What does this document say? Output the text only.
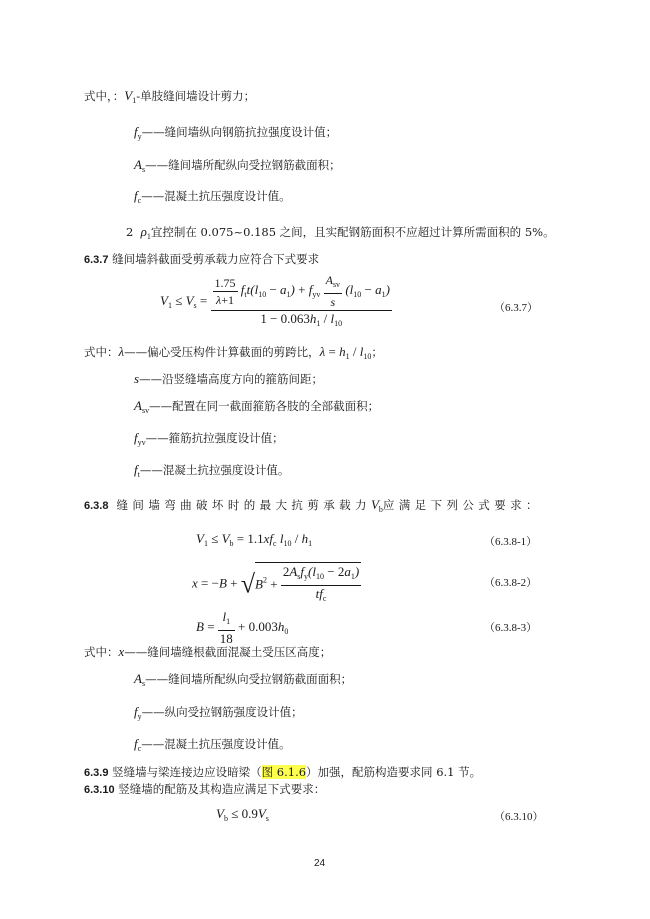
式中，：$V_1-$单肢缝间墙设计剪力；
$f_y——$缝间墙纵向钢筋抗拉强度设计值；
$A_s——$缝间墙所配纵向受拉钢筋截面积；
$f_c——$混凝土抗压强度设计值。
2 $\rho_1$宜控制在 0.075~0.185 之间，且实配钢筋面积不应超过计算所需面积的 5%。
6.3.7 缝间墙斜截面受剪承载力应符合下式要求
$V_1 \le V_s = \frac{1.75}{\lambda+1} f_tt(l_{10} - a_1) + f_{yv} \frac{A_{sv}}{s} (l_{10} - a_1)$
$1 - 0.063h_1 / l_{10}$
（6.3.7）
式中：λ——偏心受压构件计算截面的剪跨比，$\lambda = h_1 / l_{10}$；
s——沿竖缝墙高度方向的箍筋间距；
$A_{sv}——$配置在同一截面箍筋各肢的全部截面积；
$f_{yv}——$箍筋抗拉强度设计值；
$f_t——$混凝土抗拉强度设计值。
6.3.8 缝间墙弯曲破坏时的最大抗剪承载力$V_b$应满足下列公式要求：
$V_1 \le V_b = 1.1xf_c$ $l_{10} / h_1$	（6.3.8-1）
$x = -B + √B^2 + \frac{2A_sf_y(l_{10} - 2a_1)}{tf_c}$	（6.3.8-2）
$B = \frac{l_1}{18} + 0.003h_0$	（6.3.8-3）
式中：x——缝间墙缝根截面混凝土受压区高度；
$A_s——$缝间墙所配纵向受拉钢筋截面面积；
$f_y——$纵向受拉钢筋强度设计值；
$f_c——$混凝土抗压强度设计值。
6.3.9 竖缝墙与梁连接边应设暗梁（图 6.1.6）加强，配筋构造要求同 6.1 节。
6.3.10 竖缝墙的配筋及其构造应满足下式要求：
$V_b \le 0.9V_s$	（6.3.10）
24
